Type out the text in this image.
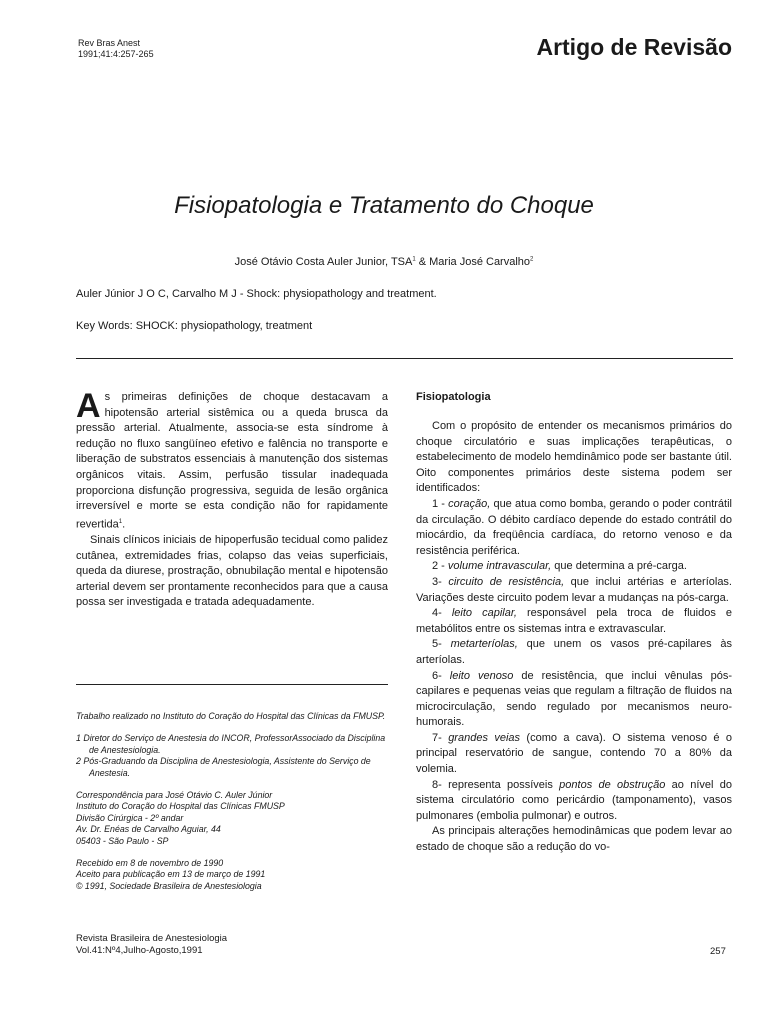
Rev Bras Anest
1991;41:4:257-265	Artigo de Revisão
Fisiopatologia e Tratamento do Choque
José Otávio Costa Auler Junior, TSA$^1$ & Maria José Carvalho$^2$
Auler Júnior J O C, Carvalho M J - Shock: physiopathology and treatment.
Key Words: SHOCK: physiopathology, treatment

As primeiras definições de choque destacavam a hipotensão arterial sistêmica ou a queda brusca da pressão arterial. Atualmente, associa-se esta síndrome à redução no fluxo sangüíneo efetivo e falência no transporte e liberação de substratos essenciais à manutenção dos sistemas orgânicos vitais. Assim, perfusão tissular inadequada proporciona disfunção progressiva, seguida de lesão orgânica irreversível e morte se esta condição não for rapidamente revertida$^1$.

Sinais clínicos iniciais de hipoperfusão tecidual como palidez cutânea, extremidades frias, colapso das veias superficiais, queda da diurese, prostração, obnubilação mental e hipotensão arterial devem ser prontamente reconhecidos para que a causa possa ser investigada e tratada adequadamente.

Trabalho realizado no Instituto do Coração do Hospital das Clínicas da FMUSP.

1 Diretor do Serviço de Anestesia do INCOR, ProfessorAssociado da Disciplina de Anestesiologia.

2 Pós-Graduando da Disciplina de Anestesiologia, Assistente do Serviço de Anestesia.

Correspondência para José Otávio C. Auler Júnior

Instituto do Coração do Hospital das Clínicas FMUSP

Divisão Cirúrgica - 2º andar

Av. Dr. Enéas de Carvalho Aguiar, 44

05403 - São Paulo - SP

Recebido em 8 de novembro de 1990

Aceito para publicação em 13 de março de 1991

© 1991, Sociedade Brasileira de Anestesiologia

Revista Brasileira de Anestesiologia
Vol.41:Nº4,Julho-Agosto,1991	257
Fisiopatologia

Com o propósito de entender os mecanismos primários do choque circulatório e suas implicações terapêuticas, o estabelecimento de modelo hemdinâmico pode ser bastante útil. Oito componentes primários deste sistema podem ser identificados:

1 - coração, que atua como bomba, gerando o poder contrátil da circulação. O débito cardíaco depende do estado contrátil do miocárdio, da freqüência cardíaca, do retorno venoso e da resistência periférica.

2 - volume intravascular, que determina a pré-carga.

3- circuito de resistência, que inclui artérias e arteríolas. Variações deste circuito podem levar a mudanças na pós-carga.

4- leito capilar, responsável pela troca de fluidos e metabólitos entre os sistemas intra e extravascular.

5- metarteríolas, que unem os vasos pré-capilares às arteríolas.

6- leito venoso de resistência, que inclui vênulas pós-capilares e pequenas veias que regulam a filtração de fluidos na microcirculação, sendo regulado por mecanismos neuro-humorais.

7- grandes veias (como a cava). O sistema venoso é o principal reservatório de sangue, contendo 70 a 80% da volemia.

8- representa possíveis pontos de obstrução ao nível do sistema circulatório como pericárdio (tamponamento), vasos pulmonares (embolia pulmonar) e outros.

As principais alterações hemodinâmicas que podem levar ao estado de choque são a redução do vo-
